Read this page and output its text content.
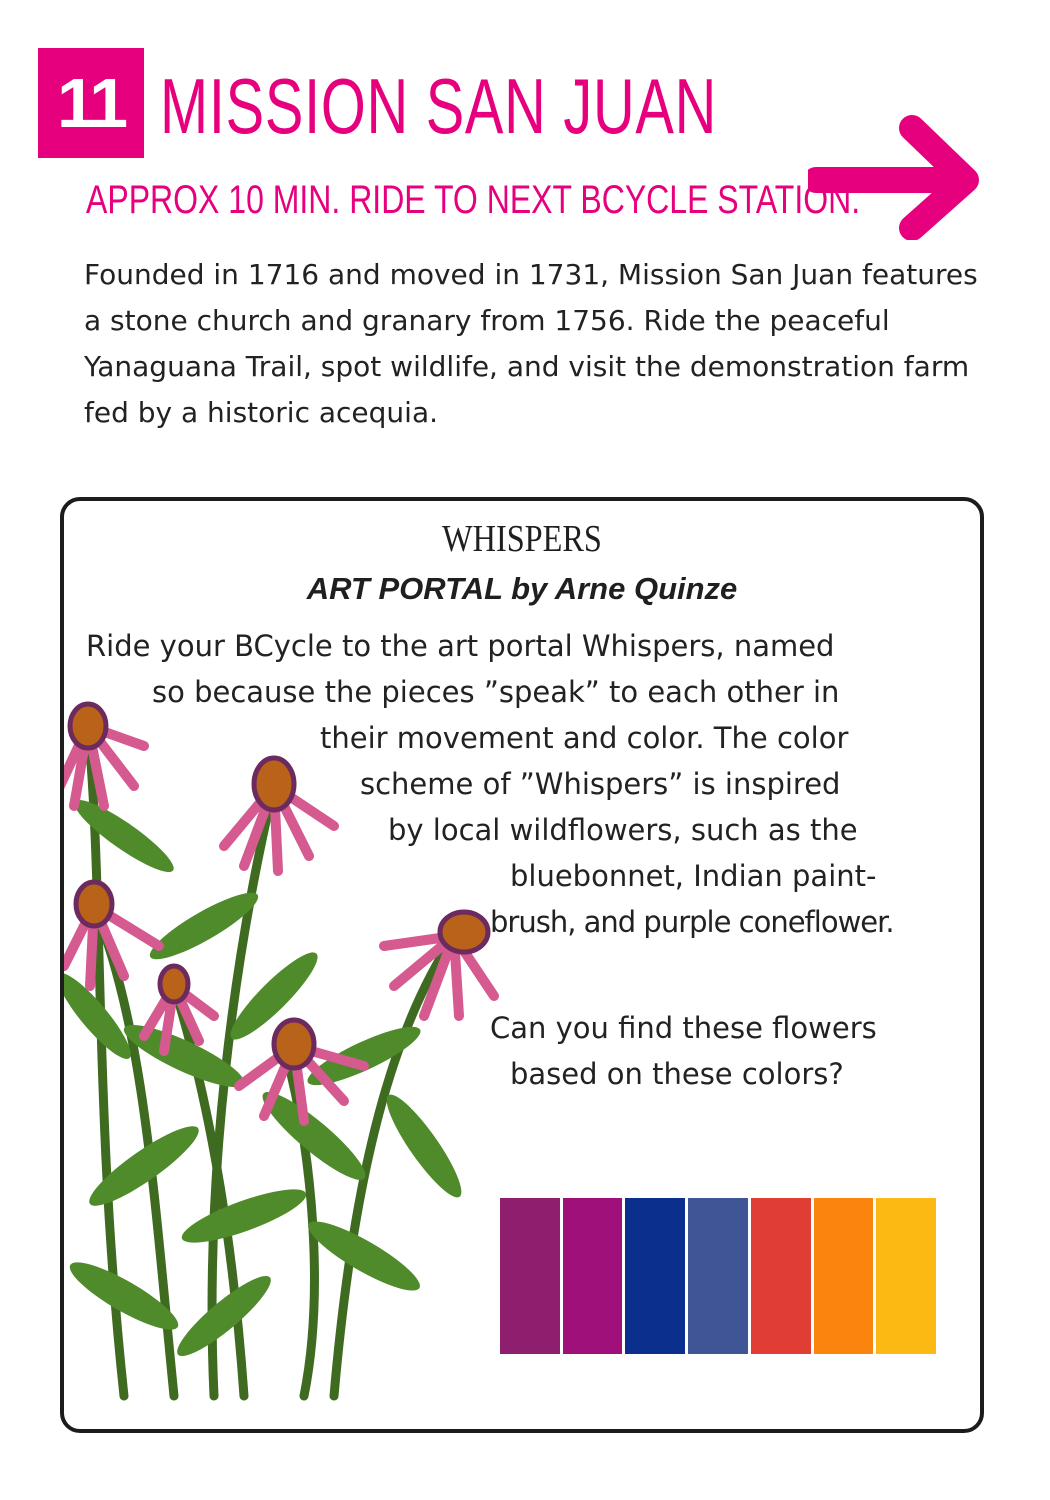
11 MISSION SAN JUAN
APPROX 10 MIN. RIDE TO NEXT BCYCLE STATION.

Founded in 1716 and moved in 1731, Mission San Juan features a stone church and granary from 1756. Ride the peaceful Yanaguana Trail, spot wildlife, and visit the demonstration farm fed by a historic acequia.

WHISPERS
ART PORTAL by Arne Quinze
Ride your BCycle to the art portal Whispers, named
so because the pieces ”speak” to each other in
their movement and color. The color
scheme of ”Whispers” is inspired
by local wildflowers, such as the
bluebonnet, Indian paint-
brush, and purple coneflower.
Can you find these flowers
based on these colors?
